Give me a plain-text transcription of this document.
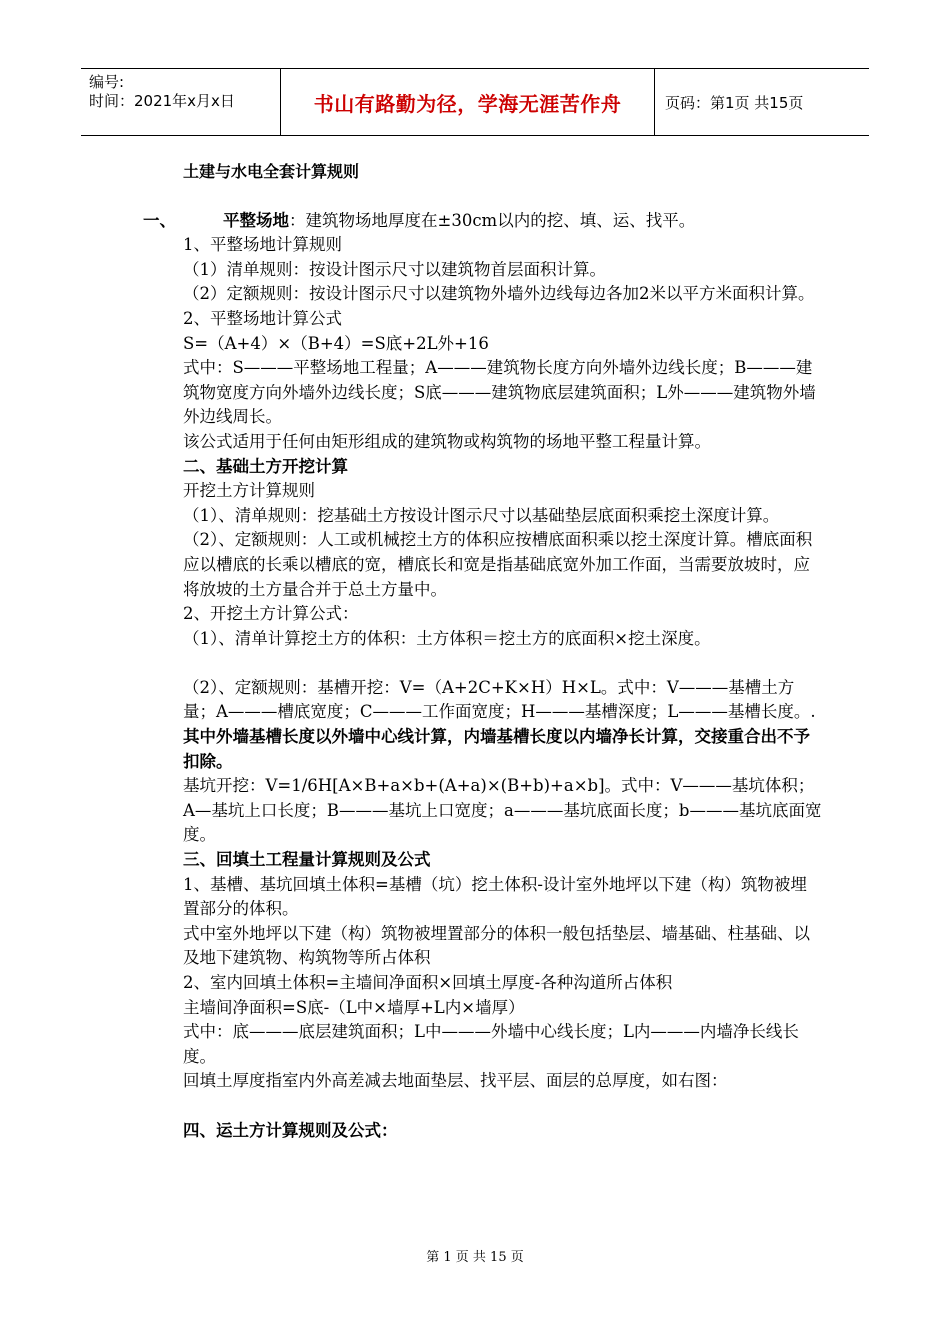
编号:
时间：2021年x月x日	书山有路勤为径，学海无涯苦作舟	页码：第1页 共15页

土建与水电全套计算规则

一、	平整场地：建筑物场地厚度在±30cm以内的挖、填、运、找平。

1、平整场地计算规则

（1）清单规则：按设计图示尺寸以建筑物首层面积计算。

（2）定额规则：按设计图示尺寸以建筑物外墙外边线每边各加2米以平方米面积计算。

2、平整场地计算公式

S=（A+4）×（B+4）=S底+2L外+16

式中：S———平整场地工程量；A———建筑物长度方向外墙外边线长度；B———建筑物宽度方向外墙外边线长度；S底———建筑物底层建筑面积；L外———建筑物外墙外边线周长。

该公式适用于任何由矩形组成的建筑物或构筑物的场地平整工程量计算。

二、基础土方开挖计算

开挖土方计算规则

（1）、清单规则：挖基础土方按设计图示尺寸以基础垫层底面积乘挖土深度计算。

（2）、定额规则：人工或机械挖土方的体积应按槽底面积乘以挖土深度计算。槽底面积应以槽底的长乘以槽底的宽，槽底长和宽是指基础底宽外加工作面，当需要放坡时，应将放坡的土方量合并于总土方量中。

2、开挖土方计算公式：

（1）、清单计算挖土方的体积：土方体积＝挖土方的底面积×挖土深度。

（2）、定额规则：基槽开挖：V=（A+2C+K×H）H×L。式中：V———基槽土方量；A———槽底宽度；C———工作面宽度；H———基槽深度；L———基槽长度。.

其中外墙基槽长度以外墙中心线计算，内墙基槽长度以内墙净长计算，交接重合出不予扣除。

基坑开挖：V=1/6H[A×B+a×b+(A+a)×(B+b)+a×b]。式中：V———基坑体积；A—基坑上口长度；B———基坑上口宽度；a———基坑底面长度；b———基坑底面宽度。

三、回填土工程量计算规则及公式

1、基槽、基坑回填土体积=基槽（坑）挖土体积-设计室外地坪以下建（构）筑物被埋置部分的体积。

式中室外地坪以下建（构）筑物被埋置部分的体积一般包括垫层、墙基础、柱基础、以及地下建筑物、构筑物等所占体积

2、室内回填土体积=主墙间净面积×回填土厚度-各种沟道所占体积

主墙间净面积=S底-（L中×墙厚+L内×墙厚）

式中：底———底层建筑面积；L中———外墙中心线长度；L内———内墙净长线长度。

回填土厚度指室内外高差减去地面垫层、找平层、面层的总厚度，如右图：

四、运土方计算规则及公式：

第 1 页 共 15 页
